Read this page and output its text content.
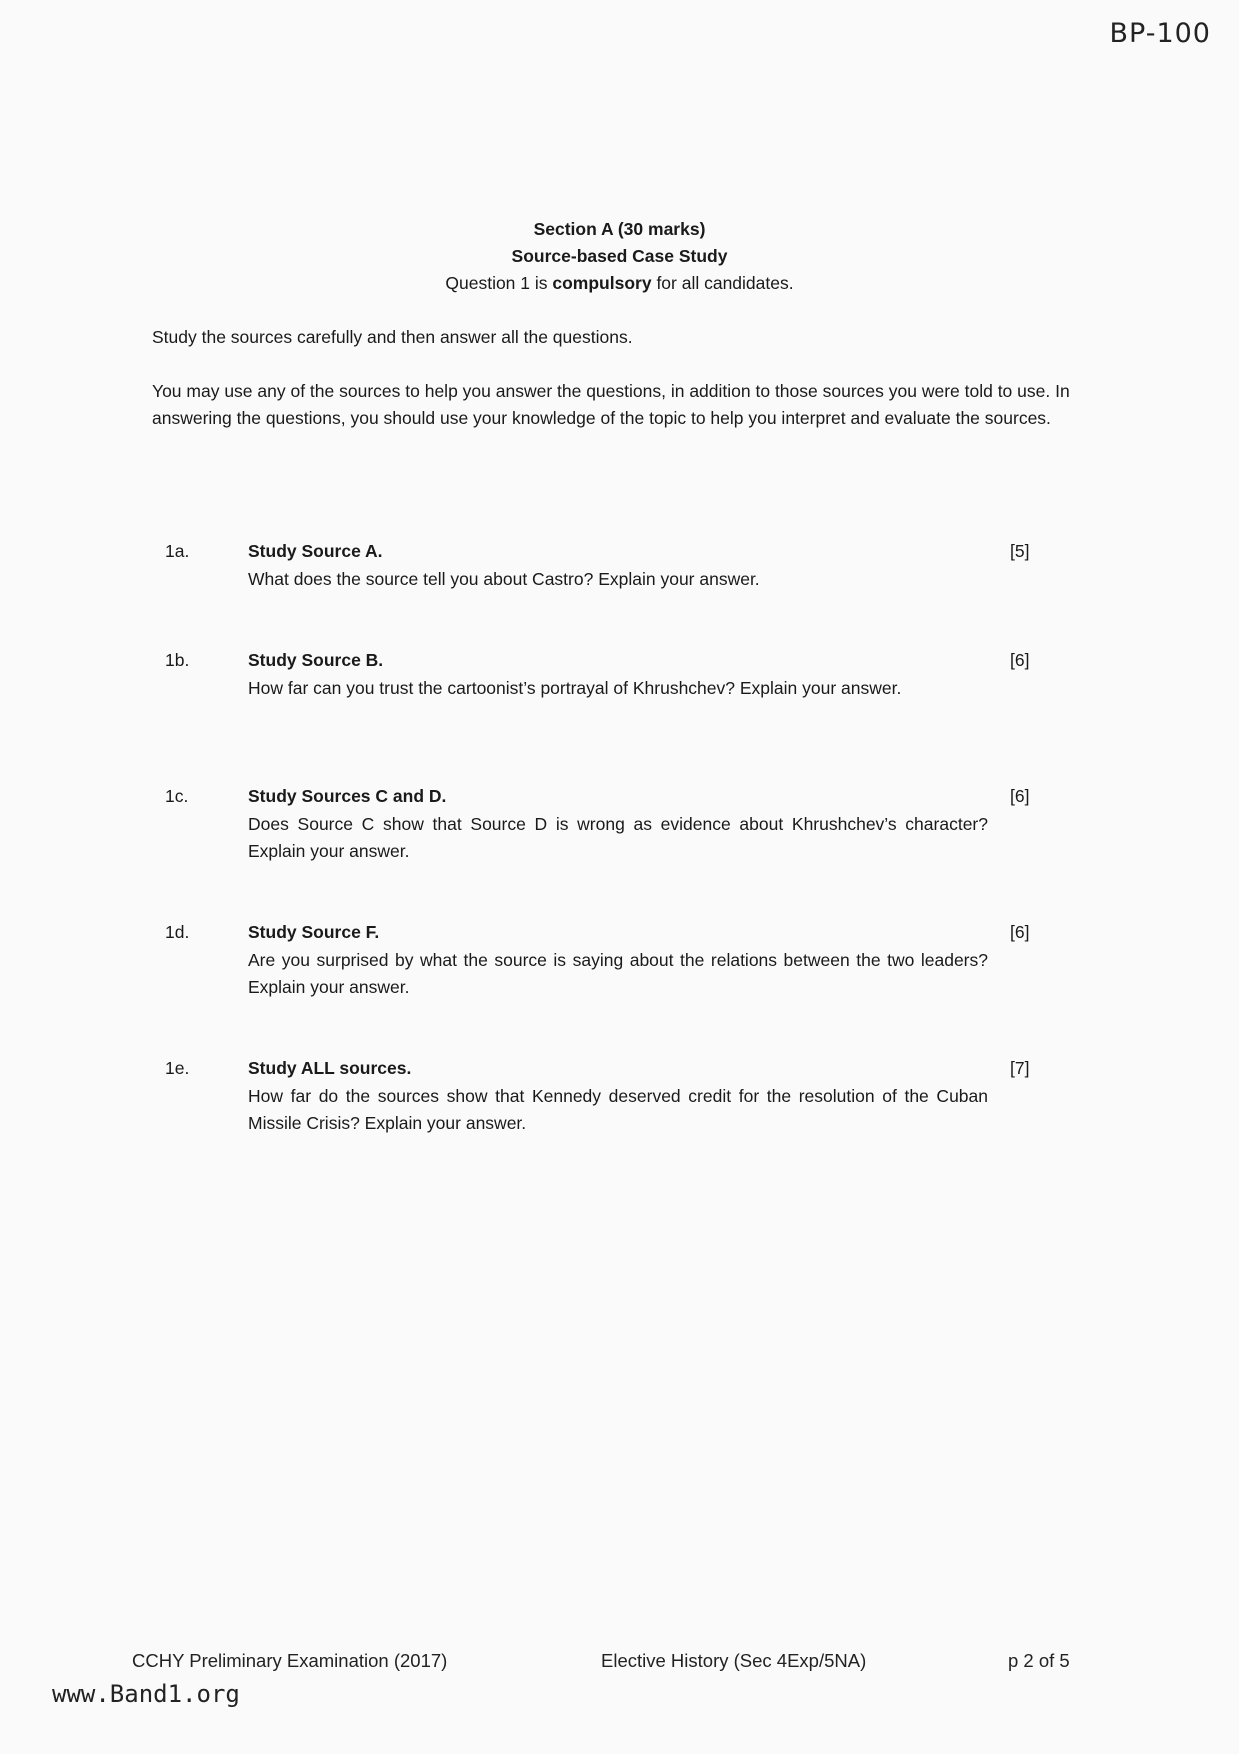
BP-100
Section A (30 marks)
Source-based Case Study
Question 1 is compulsory for all candidates.
Study the sources carefully and then answer all the questions.
You may use any of the sources to help you answer the questions, in addition to those sources you were told to use. In answering the questions, you should use your knowledge of the topic to help you interpret and evaluate the sources.
1a.	Study Source A.
What does the source tell you about Castro? Explain your answer.
[5]
1b.	Study Source B.
How far can you trust the cartoonist’s portrayal of Khrushchev? Explain your answer.
[6]
1c.	Study Sources C and D.
Does Source C show that Source D is wrong as evidence about Khrushchev’s character? Explain your answer.
[6]
1d.	Study Source F.
Are you surprised by what the source is saying about the relations between the two leaders? Explain your answer.
[6]
1e.	Study ALL sources.
How far do the sources show that Kennedy deserved credit for the resolution of the Cuban Missile Crisis? Explain your answer.
[7]
CCHY Preliminary Examination (2017)	Elective History (Sec 4Exp/5NA)	p 2 of 5
www.Band1.org
